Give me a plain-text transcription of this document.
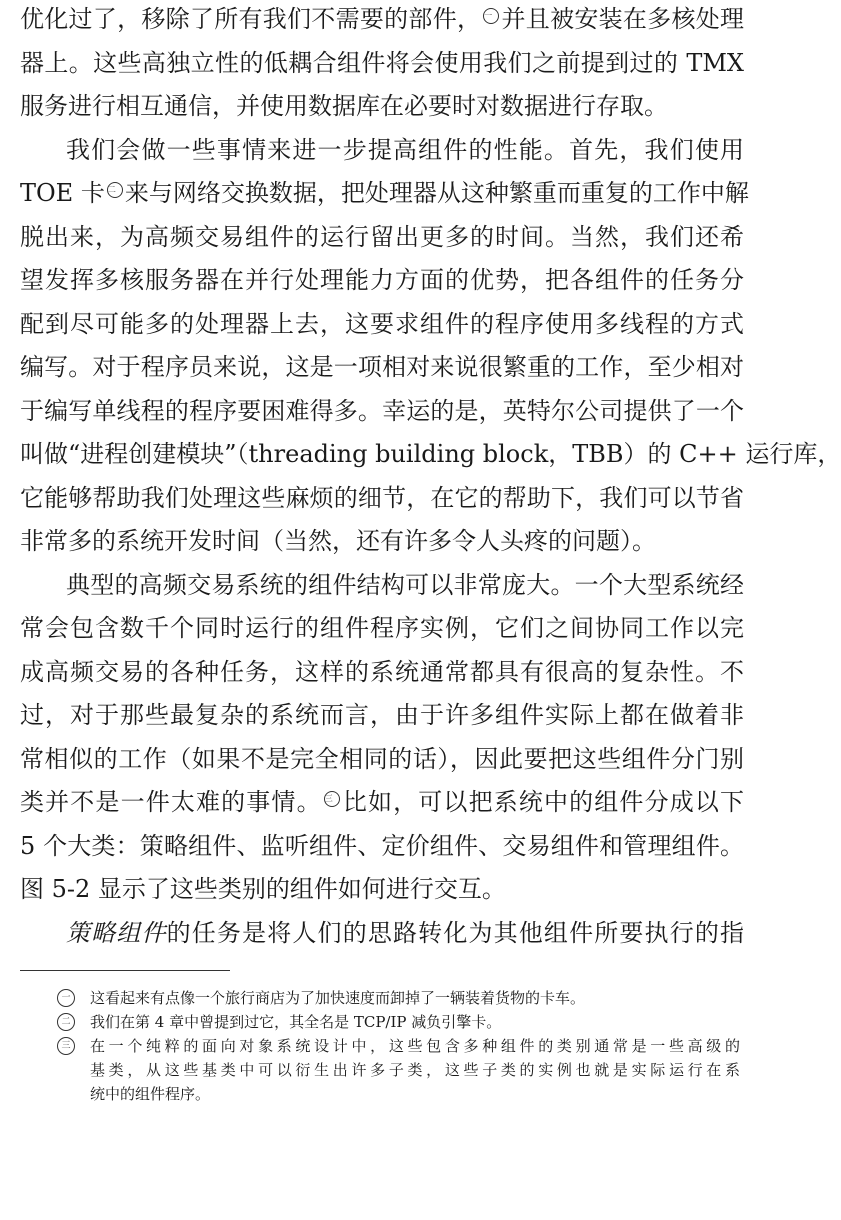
优化过了，移除了所有我们不需要的部件， 一 并且被安装在多核处理
器上。这些高独立性的低耦合组件将会使用我们之前提到过的 TMX
服务进行相互通信，并使用数据库在必要时对数据进行存取。
我们会做一些事情来进一步提高组件的性能。首先，我们使用
TOE 卡 二 来与网络交换数据，把处理器从这种繁重而重复的工作中解
脱出来，为高频交易组件的运行留出更多的时间。当然，我们还希
望发挥多核服务器在并行处理能力方面的优势，把各组件的任务分
配到尽可能多的处理器上去，这要求组件的程序使用多线程的方式
编写。对于程序员来说，这是一项相对来说很繁重的工作，至少相对
于编写单线程的程序要困难得多。幸运的是，英特尔公司提供了一个
叫做“进程创建模块”（threading building block，TBB）的 C++ 运行库，
它能够帮助我们处理这些麻烦的细节，在它的帮助下，我们可以节省
非常多的系统开发时间（当然，还有许多令人头疼的问题）。
典型的高频交易系统的组件结构可以非常庞大。一个大型系统经
常会包含数千个同时运行的组件程序实例，它们之间协同工作以完
成高频交易的各种任务，这样的系统通常都具有很高的复杂性。不
过，对于那些最复杂的系统而言，由于许多组件实际上都在做着非
常相似的工作（如果不是完全相同的话），因此要把这些组件分门别
类并不是一件太难的事情。 三 比如，可以把系统中的组件分成以下
5 个大类：策略组件、监听组件、定价组件、交易组件和管理组件。
图 5-2 显示了这些类别的组件如何进行交互。
策略组件的任务是将人们的思路转化为其他组件所要执行的指
一	这看起来有点像一个旅行商店为了加快速度而卸掉了一辆装着货物的卡车。
二	我们在第 4 章中曾提到过它，其全名是 TCP/IP 减负引擎卡。
三	在一个纯粹的面向对象系统设计中，这些包含多种组件的类别通常是一些高级的
基类，从这些基类中可以衍生出许多子类，这些子类的实例也就是实际运行在系
统中的组件程序。
